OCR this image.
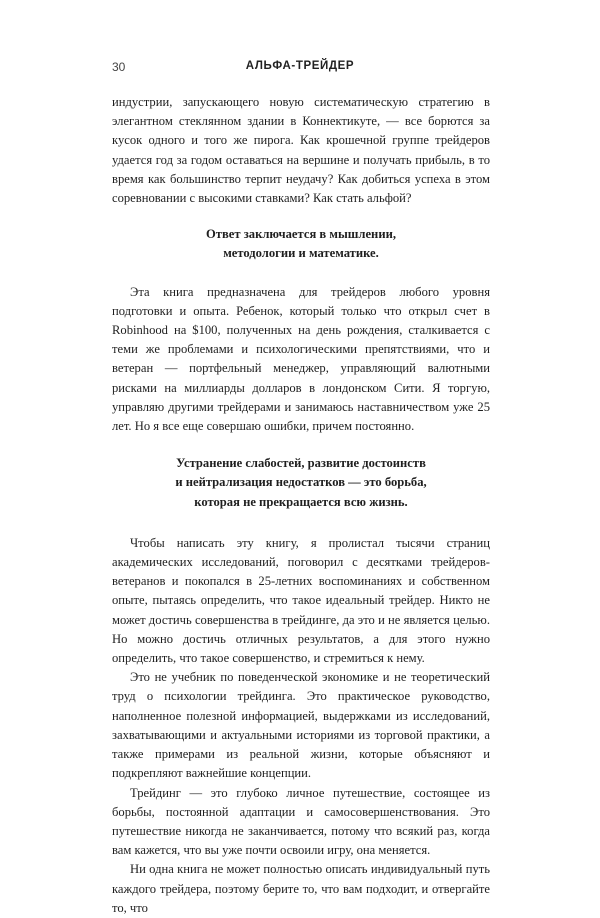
30	АЛЬФА-ТРЕЙДЕР

индустрии, запускающего новую систематическую стратегию в элегантном стеклянном здании в Коннектикуте, — все борются за кусок одного и того же пирога. Как крошечной группе трейдеров удается год за годом оставаться на вершине и получать прибыль, в то время как большинство терпит неудачу? Как добиться успеха в этом соревновании с высокими ставками? Как стать альфой?

Ответ заключается в мышлении,
методологии и математике.

Эта книга предназначена для трейдеров любого уровня подготовки и опыта. Ребенок, который только что открыл счет в Robinhood на $100, полученных на день рождения, сталкивается с теми же проблемами и психологическими препятствиями, что и ветеран — портфельный менеджер, управляющий валютными рисками на миллиарды долларов в лондонском Сити. Я торгую, управляю другими трейдерами и занимаюсь наставничеством уже 25 лет. Но я все еще совершаю ошибки, причем постоянно.

Устранение слабостей, развитие достоинств
и нейтрализация недостатков — это борьба,
которая не прекращается всю жизнь.

Чтобы написать эту книгу, я пролистал тысячи страниц академических исследований, поговорил с десятками трейдеров-ветеранов и покопался в 25-летних воспоминаниях и собственном опыте, пытаясь определить, что такое идеальный трейдер. Никто не может достичь совершенства в трейдинге, да это и не является целью. Но можно достичь отличных результатов, а для этого нужно определить, что такое совершенство, и стремиться к нему.

Это не учебник по поведенческой экономике и не теоретический труд о психологии трейдинга. Это практическое руководство, наполненное полезной информацией, выдержками из исследований, захватывающими и актуальными историями из торговой практики, а также примерами из реальной жизни, которые объясняют и подкрепляют важнейшие концепции.

Трейдинг — это глубоко личное путешествие, состоящее из борьбы, постоянной адаптации и самосовершенствования. Это путешествие никогда не заканчивается, потому что всякий раз, когда вам кажется, что вы уже почти освоили игру, она меняется.

Ни одна книга не может полностью описать индивидуальный путь каждого трейдера, поэтому берите то, что вам подходит, и отвергайте то, что
